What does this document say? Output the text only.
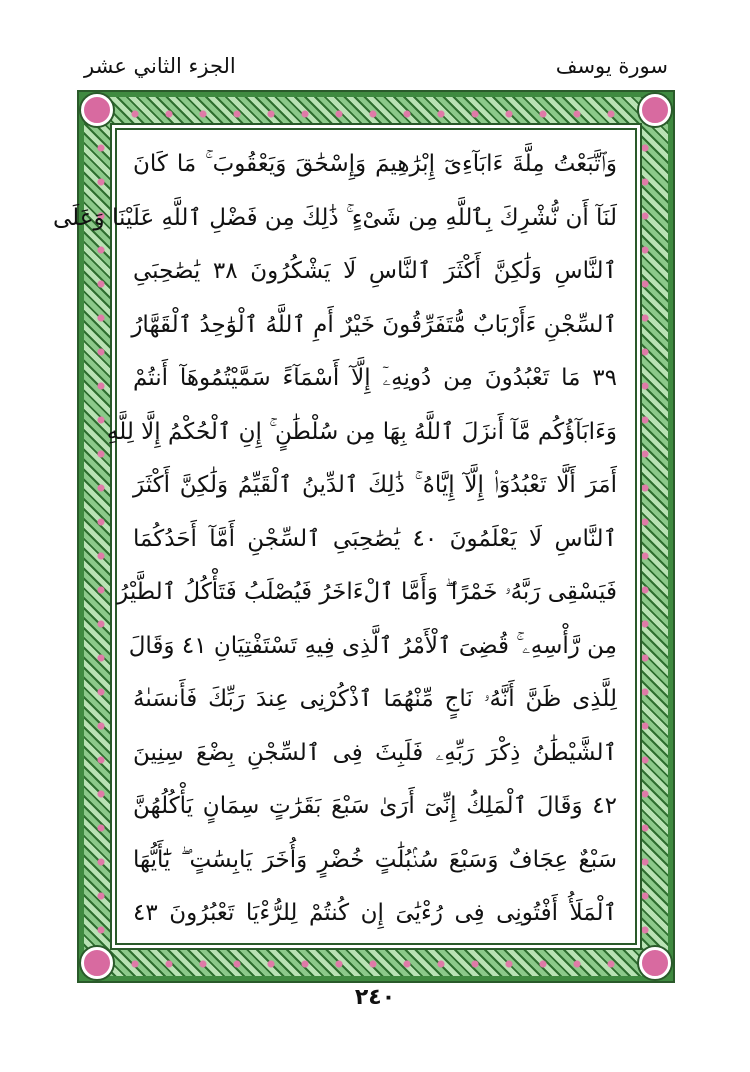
الجزء الثاني عشر	سورة يوسف
وَٱتَّبَعْتُ مِلَّةَ ءَابَآءِىٓ إِبْرَٰهِيمَ وَإِسْحَٰقَ وَيَعْقُوبَ ۚ مَا كَانَ
لَنَآ أَن نُّشْرِكَ بِٱللَّهِ مِن شَىْءٍ ۚ ذَٰلِكَ مِن فَضْلِ ٱللَّهِ عَلَيْنَا وَعَلَى
ٱلنَّاسِ وَلَٰكِنَّ أَكْثَرَ ٱلنَّاسِ لَا يَشْكُرُونَ ٣٨ يَٰصَٰحِبَىِ
ٱلسِّجْنِ ءَأَرْبَابٌ مُّتَفَرِّقُونَ خَيْرٌ أَمِ ٱللَّهُ ٱلْوَٰحِدُ ٱلْقَهَّارُ
٣٩ مَا تَعْبُدُونَ مِن دُونِهِۦٓ إِلَّآ أَسْمَآءً سَمَّيْتُمُوهَآ أَنتُمْ
وَءَابَآؤُكُم مَّآ أَنزَلَ ٱللَّهُ بِهَا مِن سُلْطَٰنٍ ۚ إِنِ ٱلْحُكْمُ إِلَّا لِلَّهِ
أَمَرَ أَلَّا تَعْبُدُوٓا۟ إِلَّآ إِيَّاهُ ۚ ذَٰلِكَ ٱلدِّينُ ٱلْقَيِّمُ وَلَٰكِنَّ أَكْثَرَ
ٱلنَّاسِ لَا يَعْلَمُونَ ٤٠ يَٰصَٰحِبَىِ ٱلسِّجْنِ أَمَّآ أَحَدُكُمَا
فَيَسْقِى رَبَّهُۥ خَمْرًا ۖ وَأَمَّا ٱلْءَاخَرُ فَيُصْلَبُ فَتَأْكُلُ ٱلطَّيْرُ
مِن رَّأْسِهِۦ ۚ قُضِىَ ٱلْأَمْرُ ٱلَّذِى فِيهِ تَسْتَفْتِيَانِ ٤١ وَقَالَ
لِلَّذِى ظَنَّ أَنَّهُۥ نَاجٍ مِّنْهُمَا ٱذْكُرْنِى عِندَ رَبِّكَ فَأَنسَىٰهُ
ٱلشَّيْطَٰنُ ذِكْرَ رَبِّهِۦ فَلَبِثَ فِى ٱلسِّجْنِ بِضْعَ سِنِينَ
٤٢ وَقَالَ ٱلْمَلِكُ إِنِّىٓ أَرَىٰ سَبْعَ بَقَرَٰتٍ سِمَانٍ يَأْكُلُهُنَّ
سَبْعٌ عِجَافٌ وَسَبْعَ سُنۢبُلَٰتٍ خُضْرٍ وَأُخَرَ يَابِسَٰتٍ ۖ يَٰٓأَيُّهَا
ٱلْمَلَأُ أَفْتُونِى فِى رُءْيَٰىَ إِن كُنتُمْ لِلرُّءْيَا تَعْبُرُونَ ٤٣
٢٤٠
